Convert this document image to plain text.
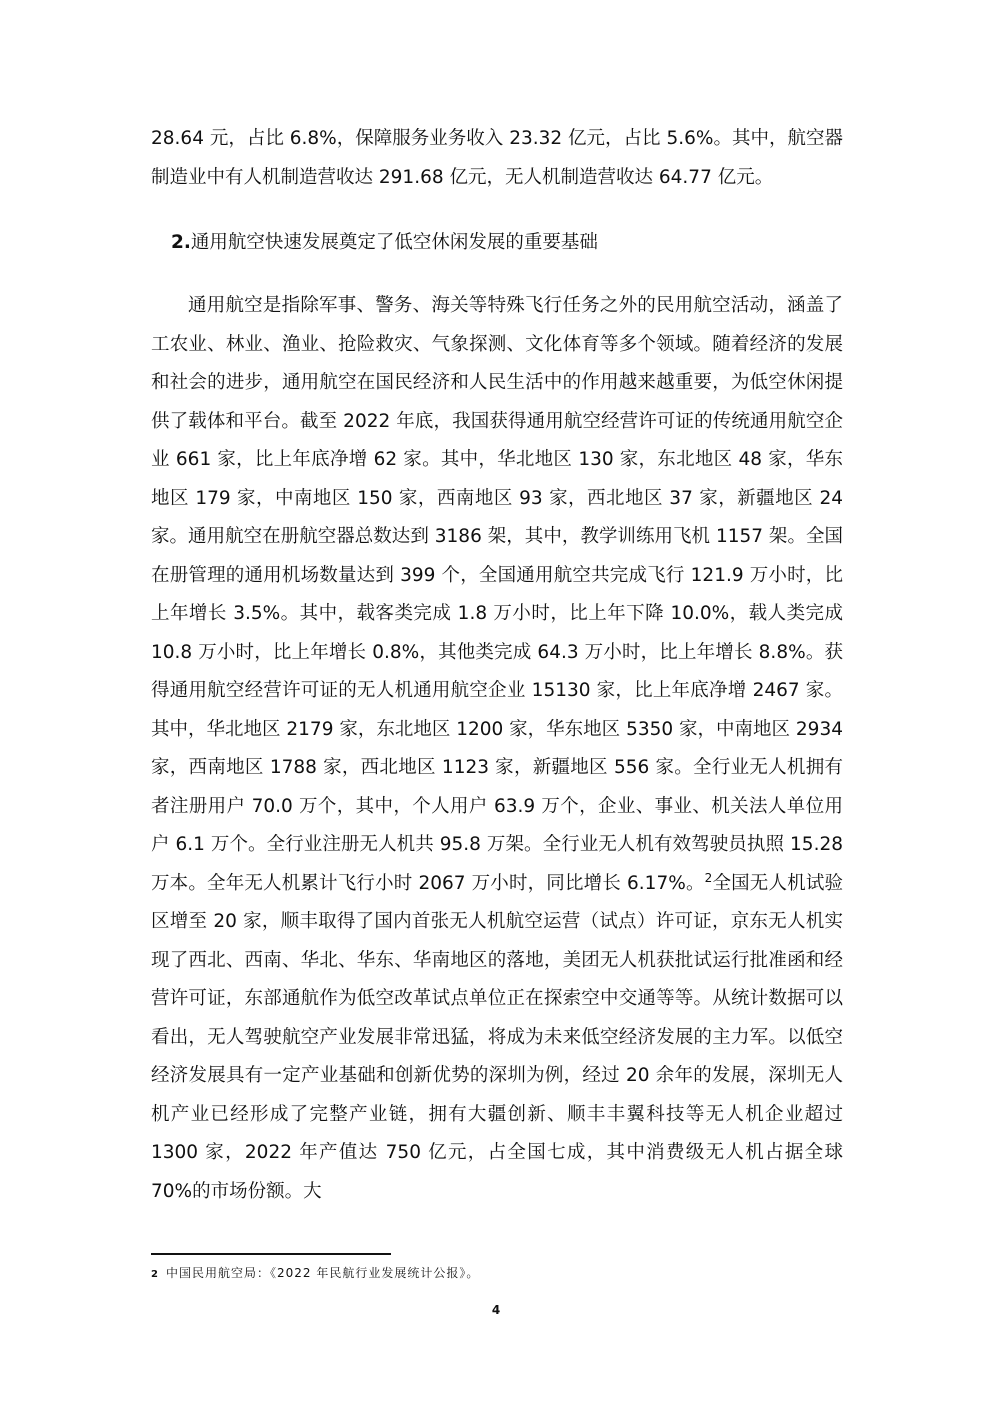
28.64 元，占比 6.8%，保障服务业务收入 23.32 亿元，占比 5.6%。其中，航空器制造业中有人机制造营收达 291.68 亿元，无人机制造营收达 64.77 亿元。
2.通用航空快速发展奠定了低空休闲发展的重要基础
通用航空是指除军事、警务、海关等特殊飞行任务之外的民用航空活动，涵盖了工农业、林业、渔业、抢险救灾、气象探测、文化体育等多个领域。随着经济的发展和社会的进步，通用航空在国民经济和人民生活中的作用越来越重要，为低空休闲提供了载体和平台。截至 2022 年底，我国获得通用航空经营许可证的传统通用航空企业 661 家，比上年底净增 62 家。其中，华北地区 130 家，东北地区 48 家，华东地区 179 家，中南地区 150 家，西南地区 93 家，西北地区 37 家，新疆地区 24 家。通用航空在册航空器总数达到 3186 架，其中，教学训练用飞机 1157 架。全国在册管理的通用机场数量达到 399 个，全国通用航空共完成飞行 121.9 万小时，比上年增长 3.5%。其中，载客类完成 1.8 万小时，比上年下降 10.0%，载人类完成 10.8 万小时，比上年增长 0.8%，其他类完成 64.3 万小时，比上年增长 8.8%。获得通用航空经营许可证的无人机通用航空企业 15130 家，比上年底净增 2467 家。其中，华北地区 2179 家，东北地区 1200 家，华东地区 5350 家，中南地区 2934 家，西南地区 1788 家，西北地区 1123 家，新疆地区 556 家。全行业无人机拥有者注册用户 70.0 万个，其中，个人用户 63.9 万个，企业、事业、机关法人单位用户 6.1 万个。全行业注册无人机共 95.8 万架。全行业无人机有效驾驶员执照 15.28 万本。全年无人机累计飞行小时 2067 万小时，同比增长 6.17%。$^2$全国无人机试验区增至 20 家，顺丰取得了国内首张无人机航空运营（试点）许可证，京东无人机实现了西北、西南、华北、华东、华南地区的落地，美团无人机获批试运行批准函和经营许可证，东部通航作为低空改革试点单位正在探索空中交通等等。从统计数据可以看出，无人驾驶航空产业发展非常迅猛，将成为未来低空经济发展的主力军。以低空经济发展具有一定产业基础和创新优势的深圳为例，经过 20 余年的发展，深圳无人机产业已经形成了完整产业链，拥有大疆创新、顺丰丰翼科技等无人机企业超过 1300 家，2022 年产值达 750 亿元，占全国七成，其中消费级无人机占据全球 70%的市场份额。大
2 中国民用航空局：《2022 年民航行业发展统计公报》。
4
